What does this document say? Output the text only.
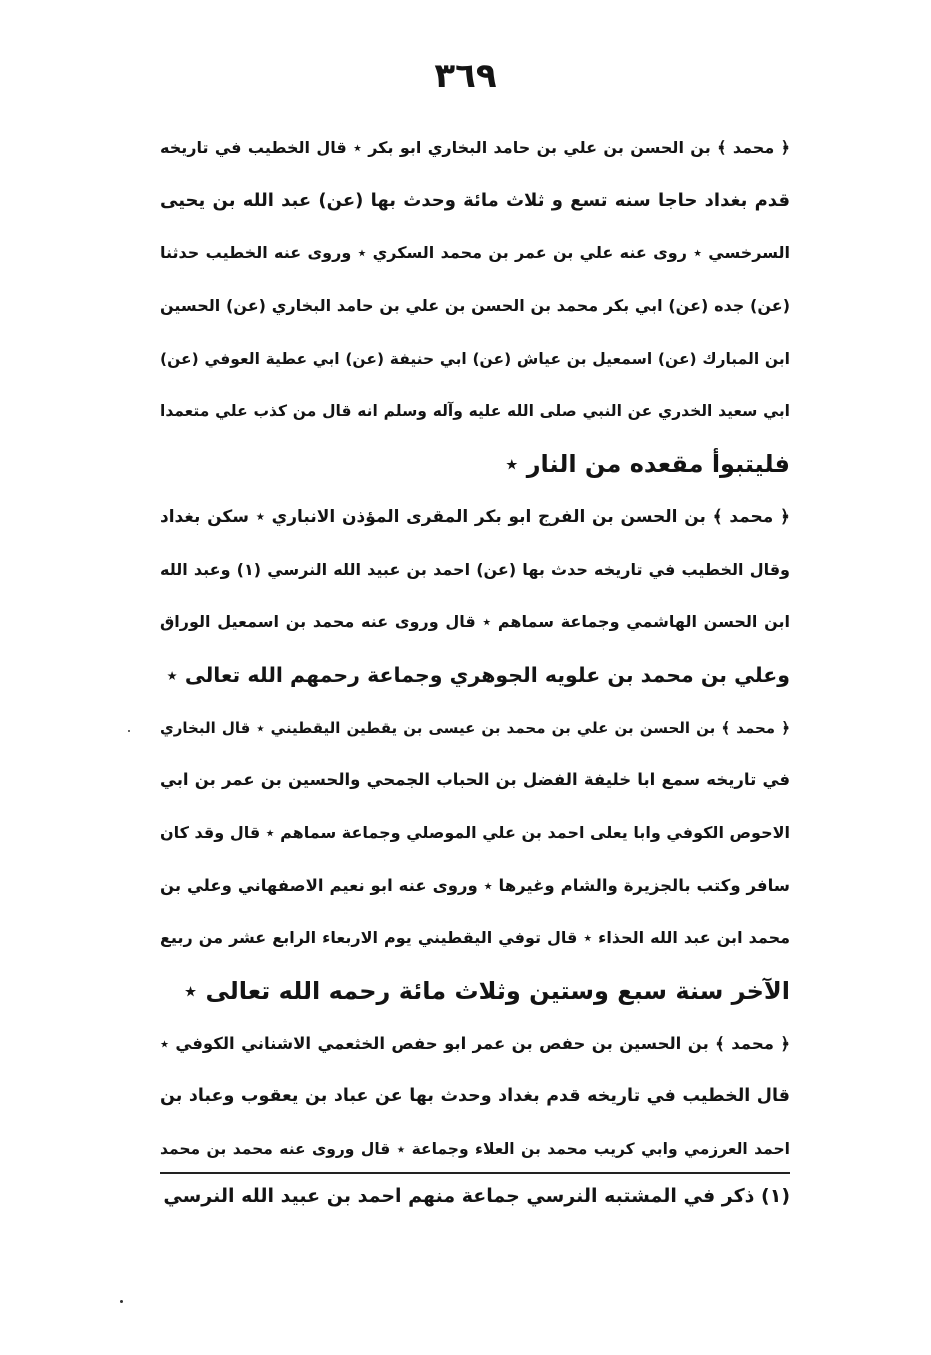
٣٦٩
﴿ محمد ﴾ بن الحسن بن علي بن حامد البخاري ابو بكر ٭ قال الخطيب في تاريخه
قدم بغداد حاجا سنه تسع و ثلاث مائة وحدث بها (عن) عبد الله بن يحيى
السرخسي ٭ روى عنه علي بن عمر بن محمد السكري ٭ وروى عنه الخطيب حدثنا
(عن) جده (عن) ابي بكر محمد بن الحسن بن علي بن حامد البخاري (عن) الحسين
ابن المبارك (عن) اسمعيل بن عياش (عن) ابي حنيفة (عن) ابي عطية العوفي (عن)
ابي سعيد الخدري عن النبي صلى الله عليه وآله وسلم انه قال من كذب علي متعمدا
فليتبوأ مقعده من النار ٭
﴿ محمد ﴾ بن الحسن بن الفرج ابو بكر المقرى المؤذن الانباري ٭ سكن بغداد
وقال الخطيب في تاريخه حدث بها (عن) احمد بن عبيد الله النرسي (١) وعبد الله
ابن الحسن الهاشمي وجماعة سماهم ٭ قال وروى عنه محمد بن اسمعيل الوراق
وعلي بن محمد بن علويه الجوهري وجماعة رحمهم الله تعالى ٭
﴿ محمد ﴾ بن الحسن بن علي بن محمد بن عيسى بن يقطين اليقطيني ٭ قال البخاري
في تاريخه سمع ابا خليفة الفضل بن الحباب الجمحي والحسين بن عمر بن ابي
الاحوص الكوفي وابا يعلى احمد بن علي الموصلي وجماعة سماهم ٭ قال وقد كان
سافر وكتب بالجزيرة والشام وغيرها ٭ وروى عنه ابو نعيم الاصفهاني وعلي بن
محمد ابن عبد الله الحذاء ٭ قال توفي اليقطيني يوم الاربعاء الرابع عشر من ربيع
الآخر سنة سبع وستين وثلاث مائة رحمه الله تعالى ٭
﴿ محمد ﴾ بن الحسين بن حفص بن عمر ابو حفص الخثعمي الاشناني الكوفي ٭
قال الخطيب في تاريخه قدم بغداد وحدث بها عن عباد بن يعقوب وعباد بن
احمد العرزمي وابي كريب محمد بن العلاء وجماعة ٭ قال وروى عنه محمد بن محمد
(١) ذكر في المشتبه النرسي جماعة منهم احمد بن عبيد الله النرسي
